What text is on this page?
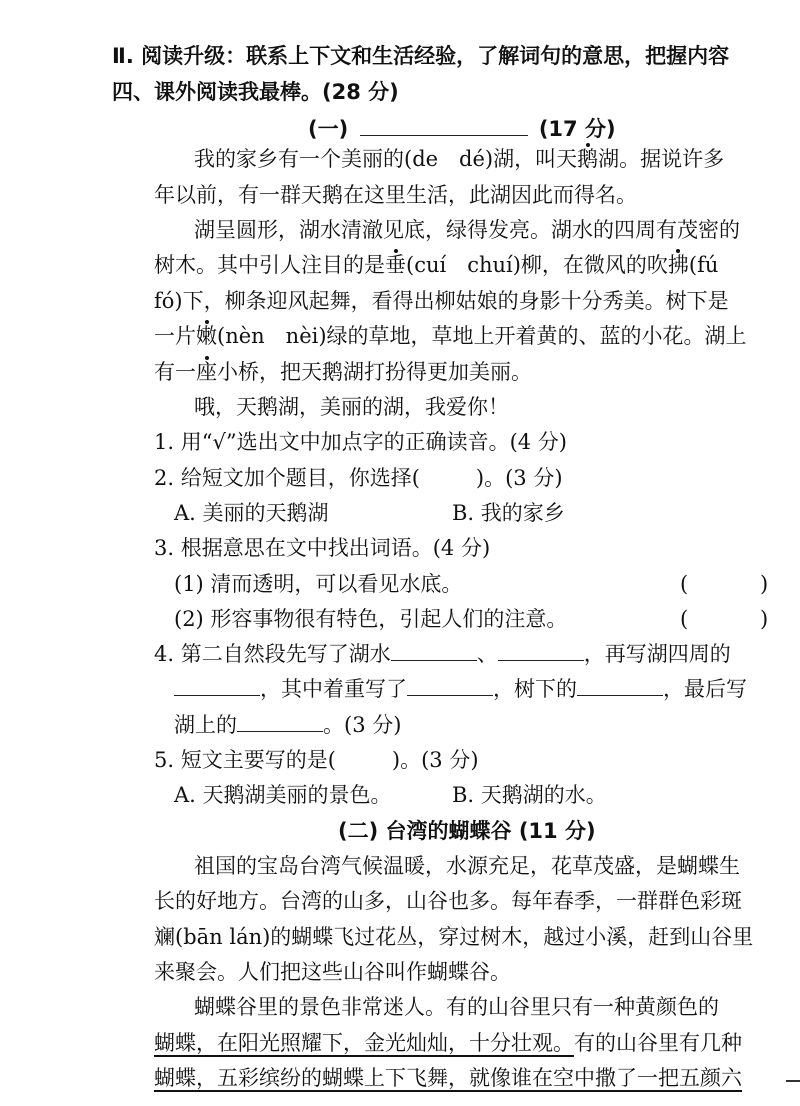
Ⅱ. 阅读升级：联系上下文和生活经验，了解词句的意思，把握内容
四、课外阅读我最棒。(28 分)
(一)	(17 分)
我的家乡有一个美丽的(de　dé)湖，叫天鹅湖。据说许多
年以前，有一群天鹅在这里生活，此湖因此而得名。
湖呈圆形，湖水清澈见底，绿得发亮。湖水的四周有茂密的
树木。其中引人注目的是垂(cuí　chuí)柳，在微风的吹拂(fú
fó)下，柳条迎风起舞，看得出柳姑娘的身影十分秀美。树下是
一片嫩(nèn　nèi)绿的草地，草地上开着黄的、蓝的小花。湖上
有一座小桥，把天鹅湖打扮得更加美丽。
哦，天鹅湖，美丽的湖，我爱你！
1. 用“√”选出文中加点字的正确读音。(4 分)
2. 给短文加个题目，你选择(	)。(3 分)
A. 美丽的天鹅湖	B. 我的家乡
3. 根据意思在文中找出词语。(4 分)
(1) 清而透明，可以看见水底。	(	)
(2) 形容事物很有特色，引起人们的注意。	(	)
4. 第二自然段先写了湖水	、	，再写湖四周的
，其中着重写了	，树下的	，最后写
湖上的	。(3 分)
5. 短文主要写的是(	)。(3 分)
A. 天鹅湖美丽的景色。	B. 天鹅湖的水。
(二) 台湾的蝴蝶谷 (11 分)
祖国的宝岛台湾气候温暖，水源充足，花草茂盛，是蝴蝶生
长的好地方。台湾的山多，山谷也多。每年春季，一群群色彩斑
斓(bān lán)的蝴蝶飞过花丛，穿过树木，越过小溪，赶到山谷里
来聚会。人们把这些山谷叫作蝴蝶谷。
蝴蝶谷里的景色非常迷人。有的山谷里只有一种黄颜色的
蝴蝶，在阳光照耀下，金光灿灿，十分壮观。有的山谷里有几种
蝴蝶，五彩缤纷的蝴蝶上下飞舞，就像谁在空中撒了一把五颜六
